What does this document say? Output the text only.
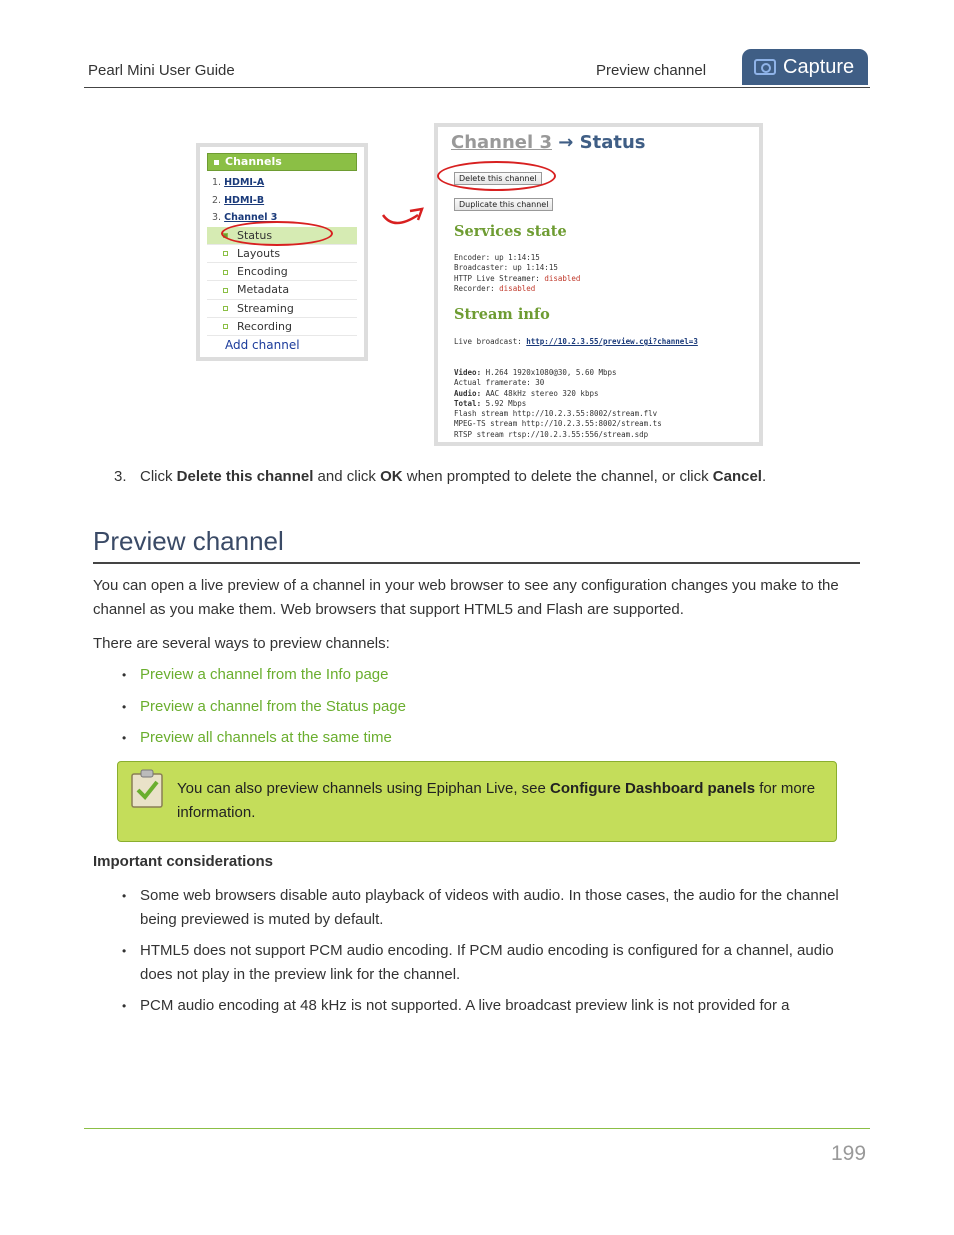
Pearl Mini User Guide	Preview channel	Capture
Channels
1. HDMI-A
2. HDMI-B
3. Channel 3
Status
Layouts
Encoding
Metadata
Streaming
Recording
Add channel
Channel 3 → Status
Delete this channel
Duplicate this channel
Services state
Encoder: up 1:14:15
Broadcaster: up 1:14:15
HTTP Live Streamer: disabled
Recorder: disabled
Stream info
Live broadcast: http://10.2.3.55/preview.cgi?channel=3
Video: H.264 1920x1080@30, 5.60 Mbps
Actual framerate: 30
Audio: AAC 48kHz stereo 320 kbps
Total: 5.92 Mbps
Flash stream http://10.2.3.55:8002/stream.flv
MPEG-TS stream http://10.2.3.55:8002/stream.ts
RTSP stream rtsp://10.2.3.55:556/stream.sdp
3. Click Delete this channel and click OK when prompted to delete the channel, or click Cancel.
Preview channel

You can open a live preview of a channel in your web browser to see any configuration changes you make to the channel as you make them. Web browsers that support HTML5 and Flash are supported.

There are several ways to preview channels:

• Preview a channel from the Info page
• Preview a channel from the Status page
• Preview all channels at the same time
You can also preview channels using Epiphan Live, see Configure Dashboard panels for more information.
Important considerations
• Some web browsers disable auto playback of videos with audio. In those cases, the audio for the channel being previewed is muted by default.
• HTML5 does not support PCM audio encoding. If PCM audio encoding is configured for a channel, audio does not play in the preview link for the channel.
• PCM audio encoding at 48 kHz is not supported. A live broadcast preview link is not provided for a
199
